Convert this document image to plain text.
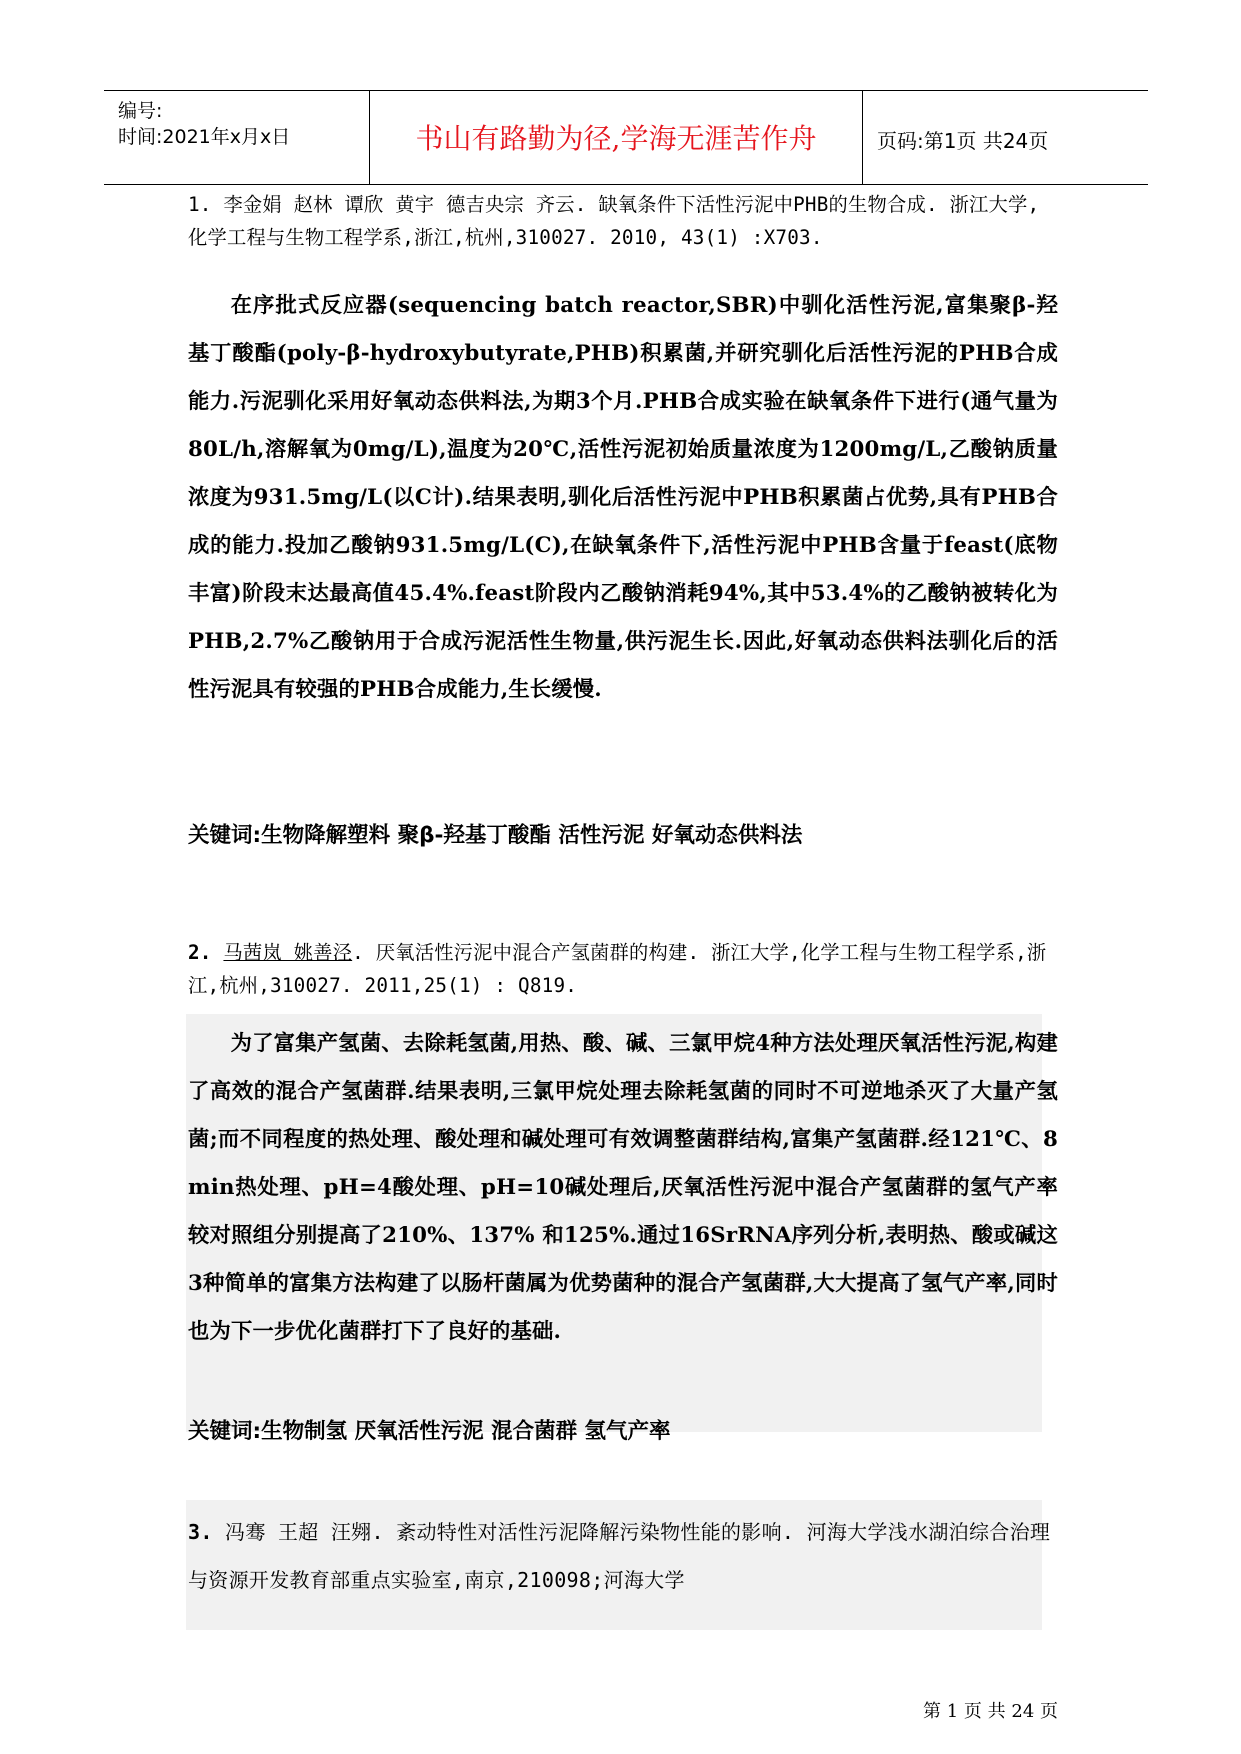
编号:
时间:2021年x月x日	书山有路勤为径,学海无涯苦作舟	页码:第1页 共24页
1. 李金娟 赵林 谭欣 黄宇 德吉央宗 齐云. 缺氧条件下活性污泥中PHB的生物合成. 浙江大学,化学工程与生物工程学系,浙江,杭州,310027. 2010, 43(1) :X703.

在序批式反应器(sequencing batch reactor,SBR)中驯化活性污泥,富集聚β-羟基丁酸酯(poly-β-hydroxybutyrate,PHB)积累菌,并研究驯化后活性污泥的PHB合成能力.污泥驯化采用好氧动态供料法,为期3个月.PHB合成实验在缺氧条件下进行(通气量为80L/h,溶解氧为0mg/L),温度为20℃,活性污泥初始质量浓度为1200mg/L,乙酸钠质量浓度为931.5mg/L(以C计).结果表明,驯化后活性污泥中PHB积累菌占优势,具有PHB合成的能力.投加乙酸钠931.5mg/L(C),在缺氧条件下,活性污泥中PHB含量于feast(底物丰富)阶段末达最高值45.4%.feast阶段内乙酸钠消耗94%,其中53.4%的乙酸钠被转化为PHB,2.7%乙酸钠用于合成污泥活性生物量,供污泥生长.因此,好氧动态供料法驯化后的活性污泥具有较强的PHB合成能力,生长缓慢.

关键词:生物降解塑料 聚β-羟基丁酸酯 活性污泥 好氧动态供料法
2. 马茜岚 姚善泾. 厌氧活性污泥中混合产氢菌群的构建. 浙江大学,化学工程与生物工程学系,浙江,杭州,310027. 2011,25(1) : Q819.

为了富集产氢菌、去除耗氢菌,用热、酸、碱、三氯甲烷4种方法处理厌氧活性污泥,构建了高效的混合产氢菌群.结果表明,三氯甲烷处理去除耗氢菌的同时不可逆地杀灭了大量产氢菌;而不同程度的热处理、酸处理和碱处理可有效调整菌群结构,富集产氢菌群.经121℃、8 min热处理、pH=4酸处理、pH=10碱处理后,厌氧活性污泥中混合产氢菌群的氢气产率较对照组分别提高了210%、137% 和125%.通过16SrRNA序列分析,表明热、酸或碱这3种简单的富集方法构建了以肠杆菌属为优势菌种的混合产氢菌群,大大提高了氢气产率,同时也为下一步优化菌群打下了良好的基础.

关键词:生物制氢 厌氧活性污泥 混合菌群 氢气产率
3. 冯骞 王超 汪翙. 紊动特性对活性污泥降解污染物性能的影响. 河海大学浅水湖泊综合治理与资源开发教育部重点实验室,南京,210098;河海大学
第 1 页 共 24 页
